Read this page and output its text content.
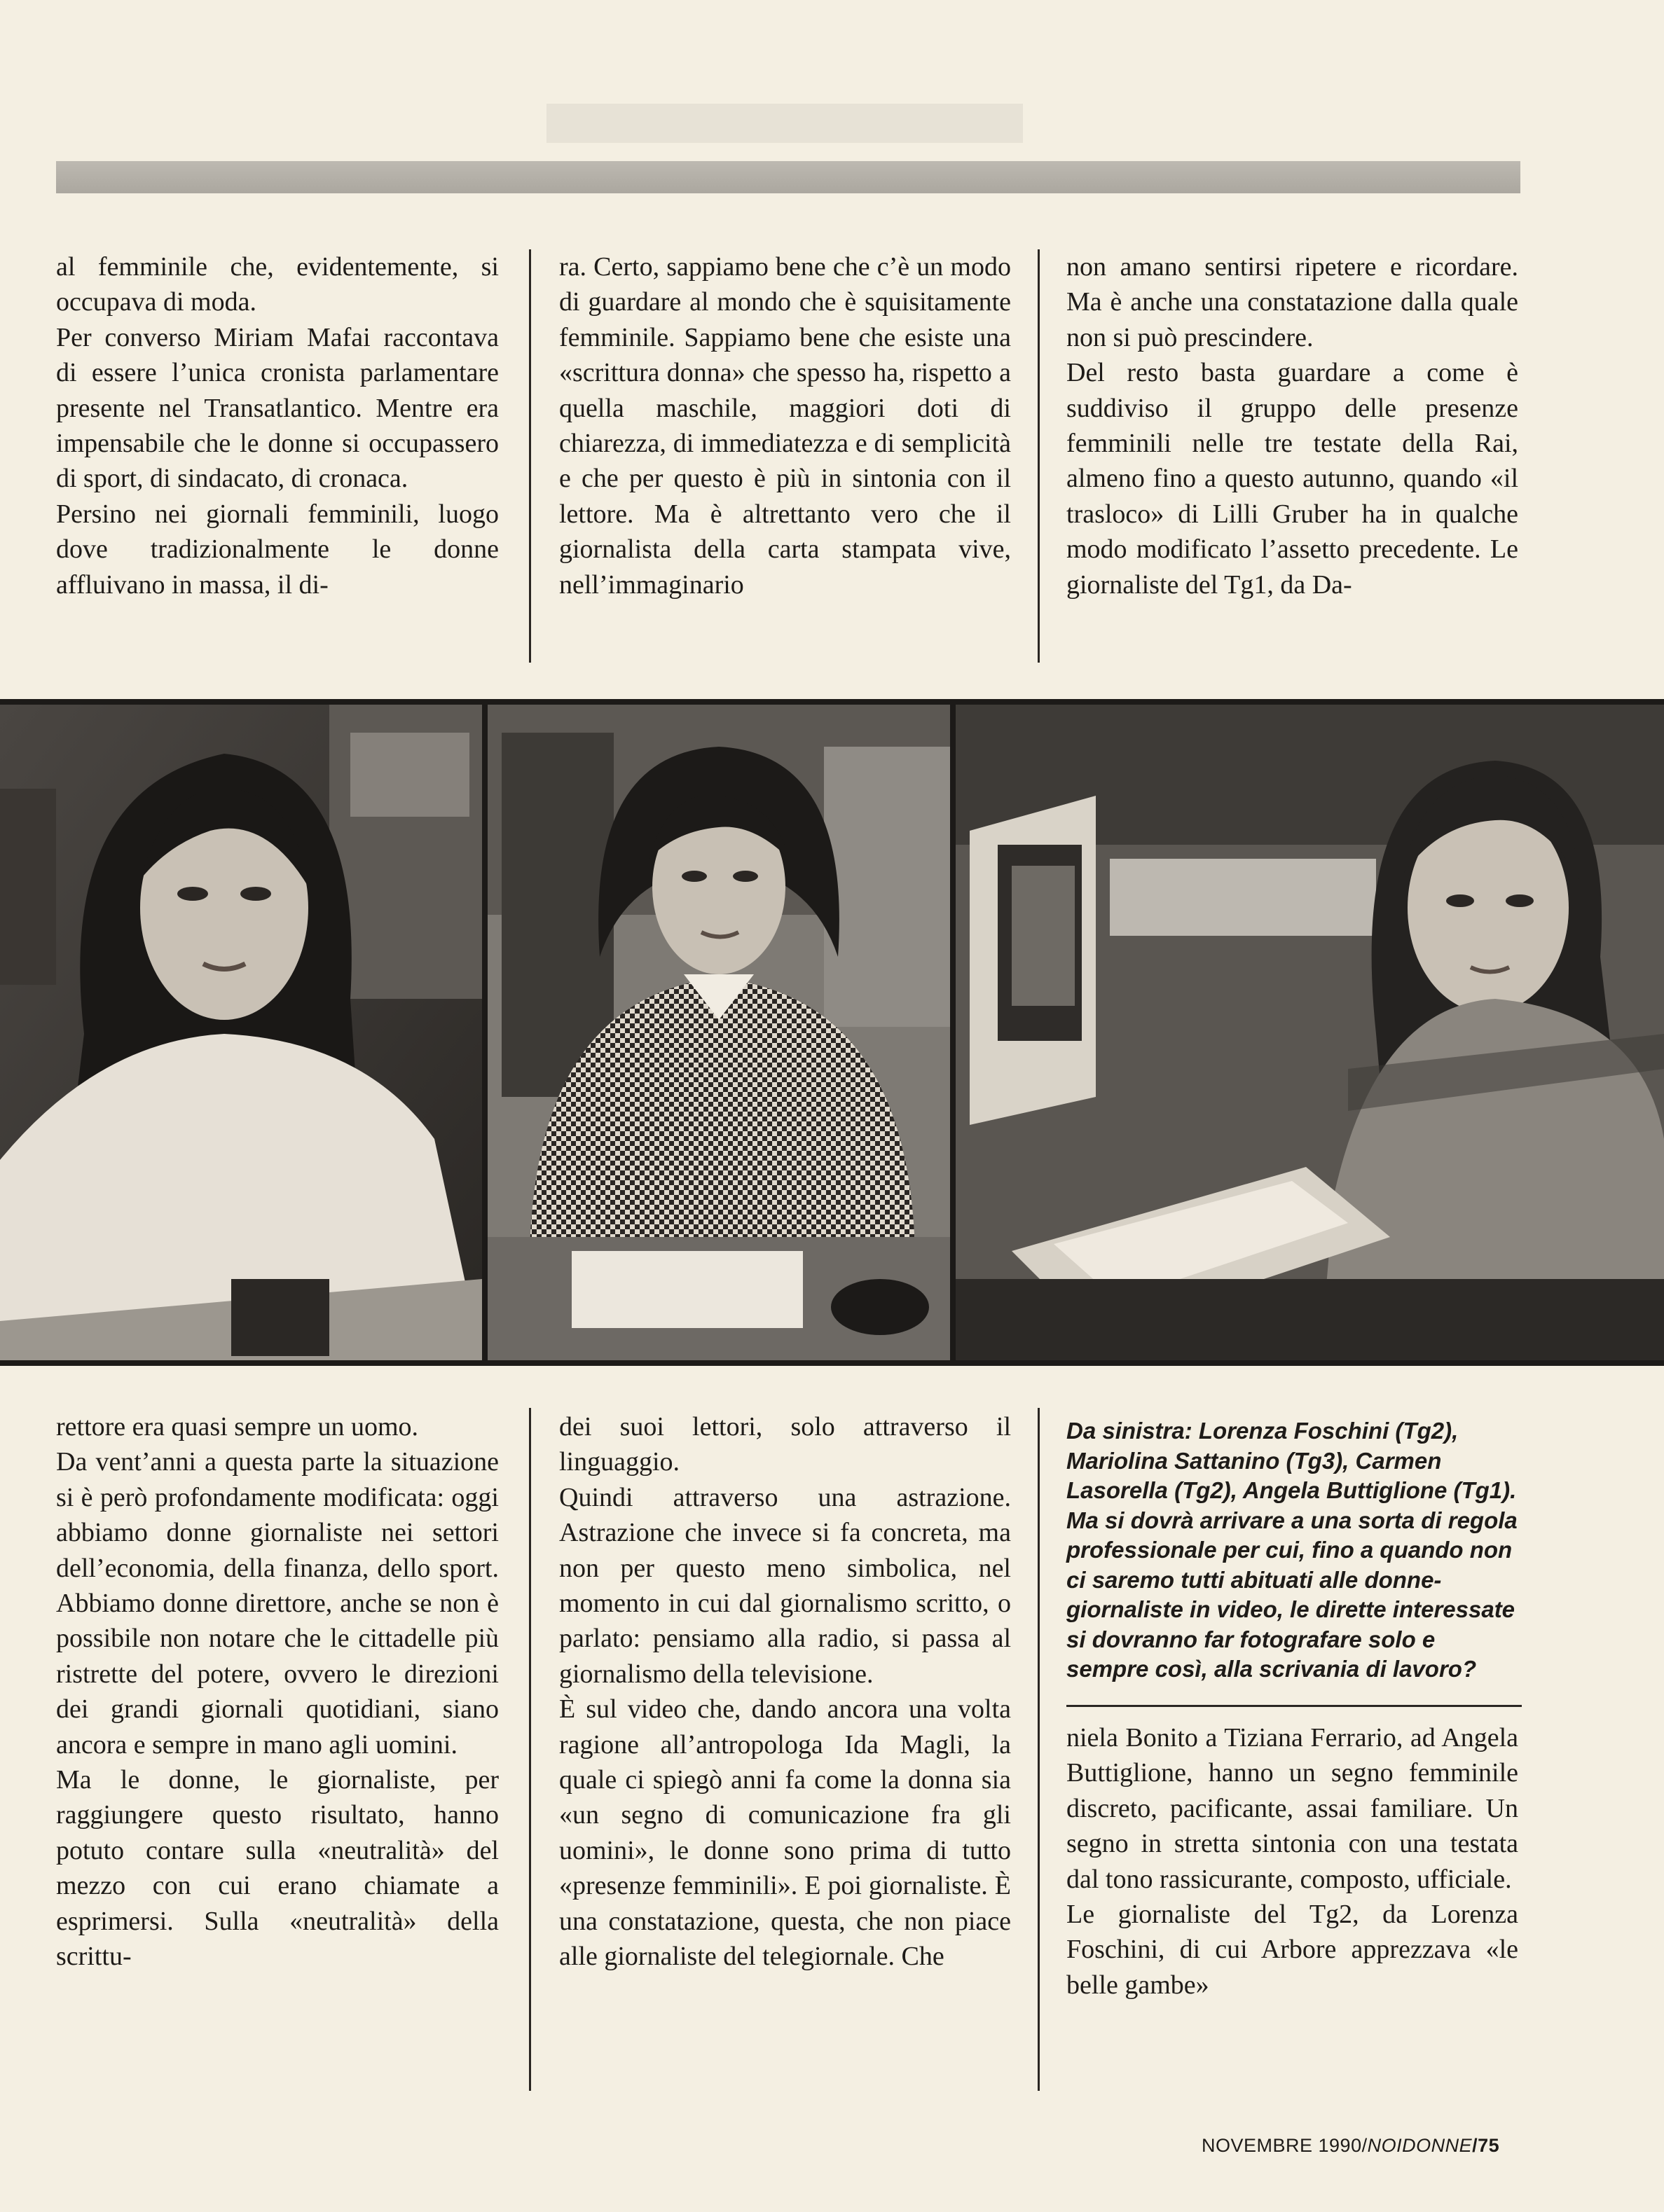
al femminile che, evidentemente, si occupava di moda.

Per converso Miriam Mafai raccontava di essere l’unica cronista parlamentare presente nel Transatlantico. Mentre era impensabile che le donne si occupassero di sport, di sindacato, di cronaca.

Persino nei giornali femminili, luogo dove tradizionalmente le donne affluivano in massa, il di-

ra. Certo, sappiamo bene che c’è un modo di guardare al mondo che è squisitamente femminile. Sappiamo bene che esiste una «scrittura donna» che spesso ha, rispetto a quella maschile, maggiori doti di chiarezza, di immediatezza e di semplicità e che per questo è più in sintonia con il lettore. Ma è altrettanto vero che il giornalista della carta stampata vive, nell’immaginario

non amano sentirsi ripetere e ricordare. Ma è anche una constatazione dalla quale non si può prescindere.

Del resto basta guardare a come è suddiviso il gruppo delle presenze femminili nelle tre testate della Rai, almeno fino a questo autunno, quando «il trasloco» di Lilli Gruber ha in qualche modo modificato l’assetto precedente. Le giornaliste del Tg1, da Da-

rettore era quasi sempre un uomo.

Da vent’anni a questa parte la situazione si è però profondamente modificata: oggi abbiamo donne giornaliste nei settori dell’economia, della finanza, dello sport. Abbiamo donne direttore, anche se non è possibile non notare che le cittadelle più ristrette del potere, ovvero le direzioni dei grandi giornali quotidiani, siano ancora e sempre in mano agli uomini.

Ma le donne, le giornaliste, per raggiungere questo risultato, hanno potuto contare sulla «neutralità» del mezzo con cui erano chiamate a esprimersi. Sulla «neutralità» della scrittu-

dei suoi lettori, solo attraverso il linguaggio.

Quindi attraverso una astrazione. Astrazione che invece si fa concreta, ma non per questo meno simbolica, nel momento in cui dal giornalismo scritto, o parlato: pensiamo alla radio, si passa al giornalismo della televisione.

È sul video che, dando ancora una volta ragione all’antropologa Ida Magli, la quale ci spiegò anni fa come la donna sia «un segno di comunicazione fra gli uomini», le donne sono prima di tutto «presenze femminili». E poi giornaliste. È una constatazione, questa, che non piace alle giornaliste del telegiornale. Che

Da sinistra: Lorenza Foschini (Tg2), Mariolina Sattanino (Tg3), Carmen Lasorella (Tg2), Angela Buttiglione (Tg1). Ma si dovrà arrivare a una sorta di regola professionale per cui, fino a quando non ci saremo tutti abituati alle donne-giornaliste in video, le dirette interessate si dovranno far fotografare solo e sempre così, alla scrivania di lavoro?

niela Bonito a Tiziana Ferrario, ad Angela Buttiglione, hanno un segno femminile discreto, pacificante, assai familiare. Un segno in stretta sintonia con una testata dal tono rassicurante, composto, ufficiale.

Le giornaliste del Tg2, da Lorenza Foschini, di cui Arbore apprezzava «le belle gambe»

NOVEMBRE 1990/NOIDONNE/75
